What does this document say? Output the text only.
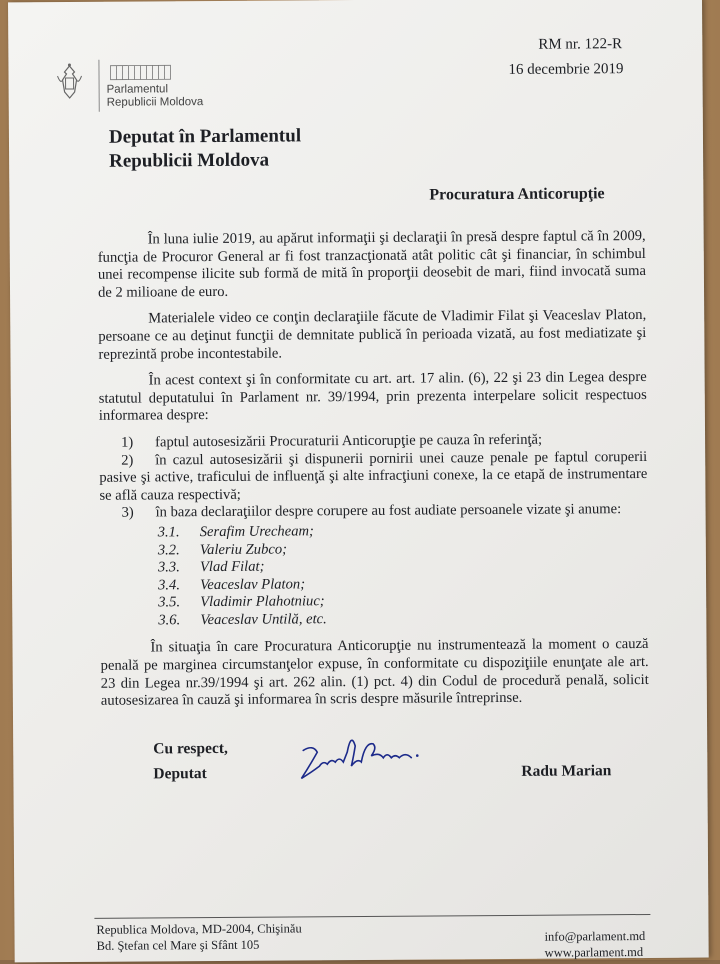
Parlamentul
Republicii Moldova
RM nr. 122-R
16 decembrie 2019
Deputat în Parlamentul
Republicii Moldova
Procuratura Anticorupţie

În luna iulie 2019, au apărut informaţii şi declaraţii în presă despre faptul că în 2009, funcţia de Procuror General ar fi fost tranzacţionată atât politic cât şi financiar, în schimbul unei recompense ilicite sub formă de mită în proporţii deosebit de mari, fiind invocată suma de 2 milioane de euro.

Materialele video ce conţin declaraţiile făcute de Vladimir Filat şi Veaceslav Platon, persoane ce au deţinut funcţii de demnitate publică în perioada vizată, au fost mediatizate şi reprezintă probe incontestabile.

În acest context şi în conformitate cu art. art. 17 alin. (6), 22 şi 23 din Legea despre statutul deputatului în Parlament nr. 39/1994, prin prezenta interpelare solicit respectuos informarea despre:

1) faptul autosesizării Procuraturii Anticorupţie pe cauza în referinţă;
2) în cazul autosesizării şi dispunerii pornirii unei cauze penale pe faptul coruperii pasive şi active, traficului de influenţă şi alte infracţiuni conexe, la ce etapă de instrumentare se află cauza respectivă;
3) în baza declaraţiilor despre corupere au fost audiate persoanele vizate şi anume:
3.1. Serafim Urecheam;
3.2. Valeriu Zubco;
3.3. Vlad Filat;
3.4. Veaceslav Platon;
3.5. Vladimir Plahotniuc;
3.6. Veaceslav Untilă, etc.

În situaţia în care Procuratura Anticorupţie nu instrumentează la moment o cauză penală pe marginea circumstanţelor expuse, în conformitate cu dispoziţiile enunţate ale art. 23 din Legea nr.39/1994 şi art. 262 alin. (1) pct. 4) din Codul de procedură penală, solicit autosesizarea în cauză şi informarea în scris despre măsurile întreprinse.

Cu respect,
Deputat	Radu Marian
Republica Moldova, MD-2004, Chişinău
Bd. Ştefan cel Mare şi Sfânt 105
info@parlament.md
www.parlament.md
